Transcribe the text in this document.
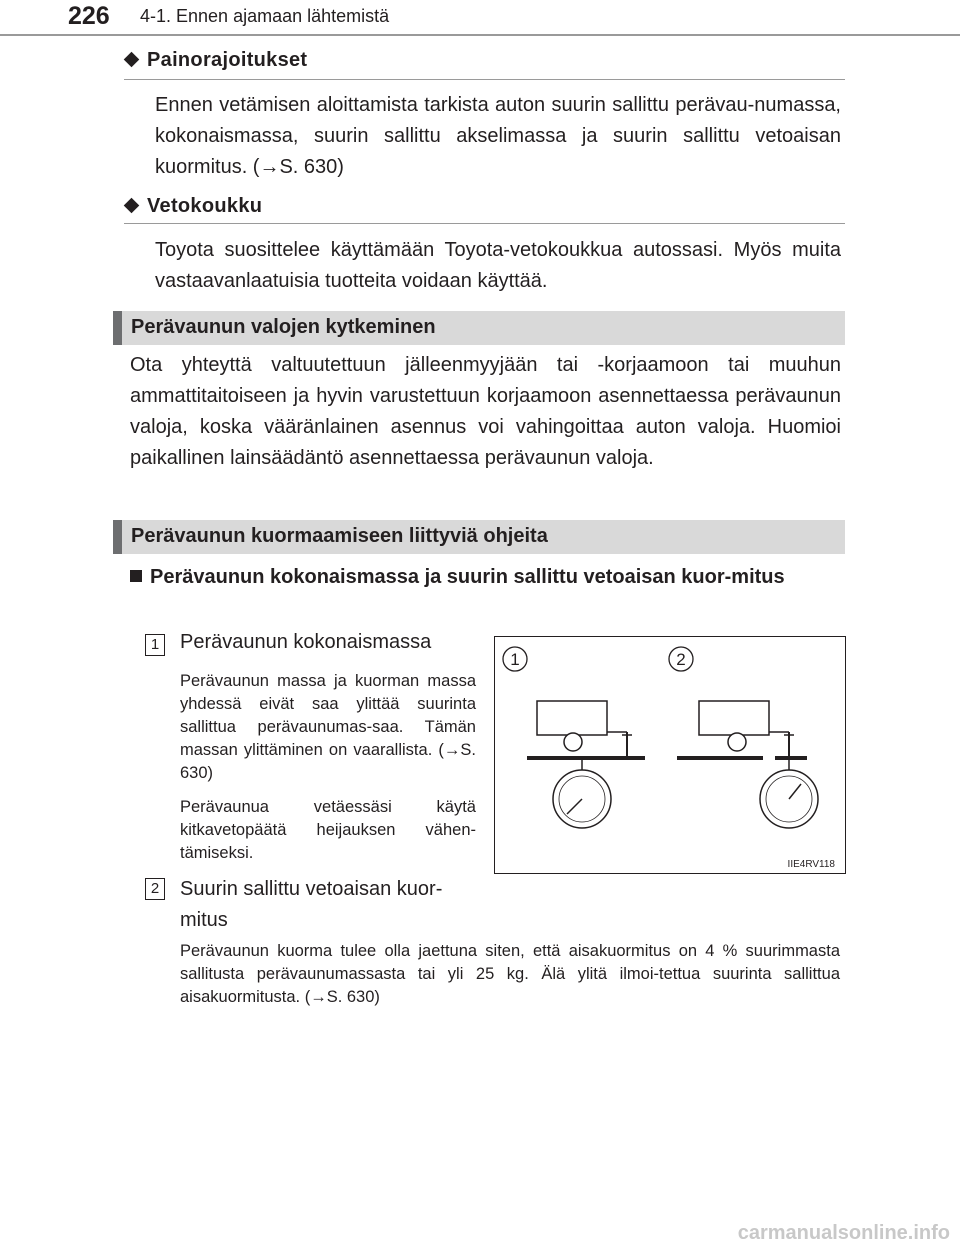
226 4-1. Ennen ajamaan lähtemistä
Painorajoitukset
Ennen vetämisen aloittamista tarkista auton suurin sallittu perävau-numassa, kokonaismassa, suurin sallittu akselimassa ja suurin sallittu vetoaisan kuormitus. (→S. 630)
Vetokoukku
Toyota suosittelee käyttämään Toyota-vetokoukkua autossasi. Myös muita vastaavanlaatuisia tuotteita voidaan käyttää.
Perävaunun valojen kytkeminen
Ota yhteyttä valtuutettuun jälleenmyyjään tai -korjaamoon tai muuhun ammattitaitoiseen ja hyvin varustettuun korjaamoon asennettaessa perävaunun valoja, koska vääränlainen asennus voi vahingoittaa auton valoja. Huomioi paikallinen lainsäädäntö asennettaessa perävaunun valoja.
Perävaunun kuormaamiseen liittyviä ohjeita
Perävaunun kokonaismassa ja suurin sallittu vetoaisan kuor-mitus
1 Perävaunun kokonaismassa
Perävaunun massa ja kuorman massa yhdessä eivät saa ylittää suurinta sallittua perävaunumas-saa. Tämän massan ylittäminen on vaarallista. (→S. 630)
Perävaunua vetäessäsi käytä kitkavetopäätä heijauksen vähen-tämiseksi.
2 Suurin sallittu vetoaisan kuor-mitus
Perävaunun kuorma tulee olla jaettuna siten, että aisakuormitus on 4 % suurimmasta sallitusta perävaunumassasta tai yli 25 kg. Älä ylitä ilmoi-tettua suurinta sallittua aisakuormitusta. (→S. 630)
1	2
IIE4RV118
carmanualsonline.info
